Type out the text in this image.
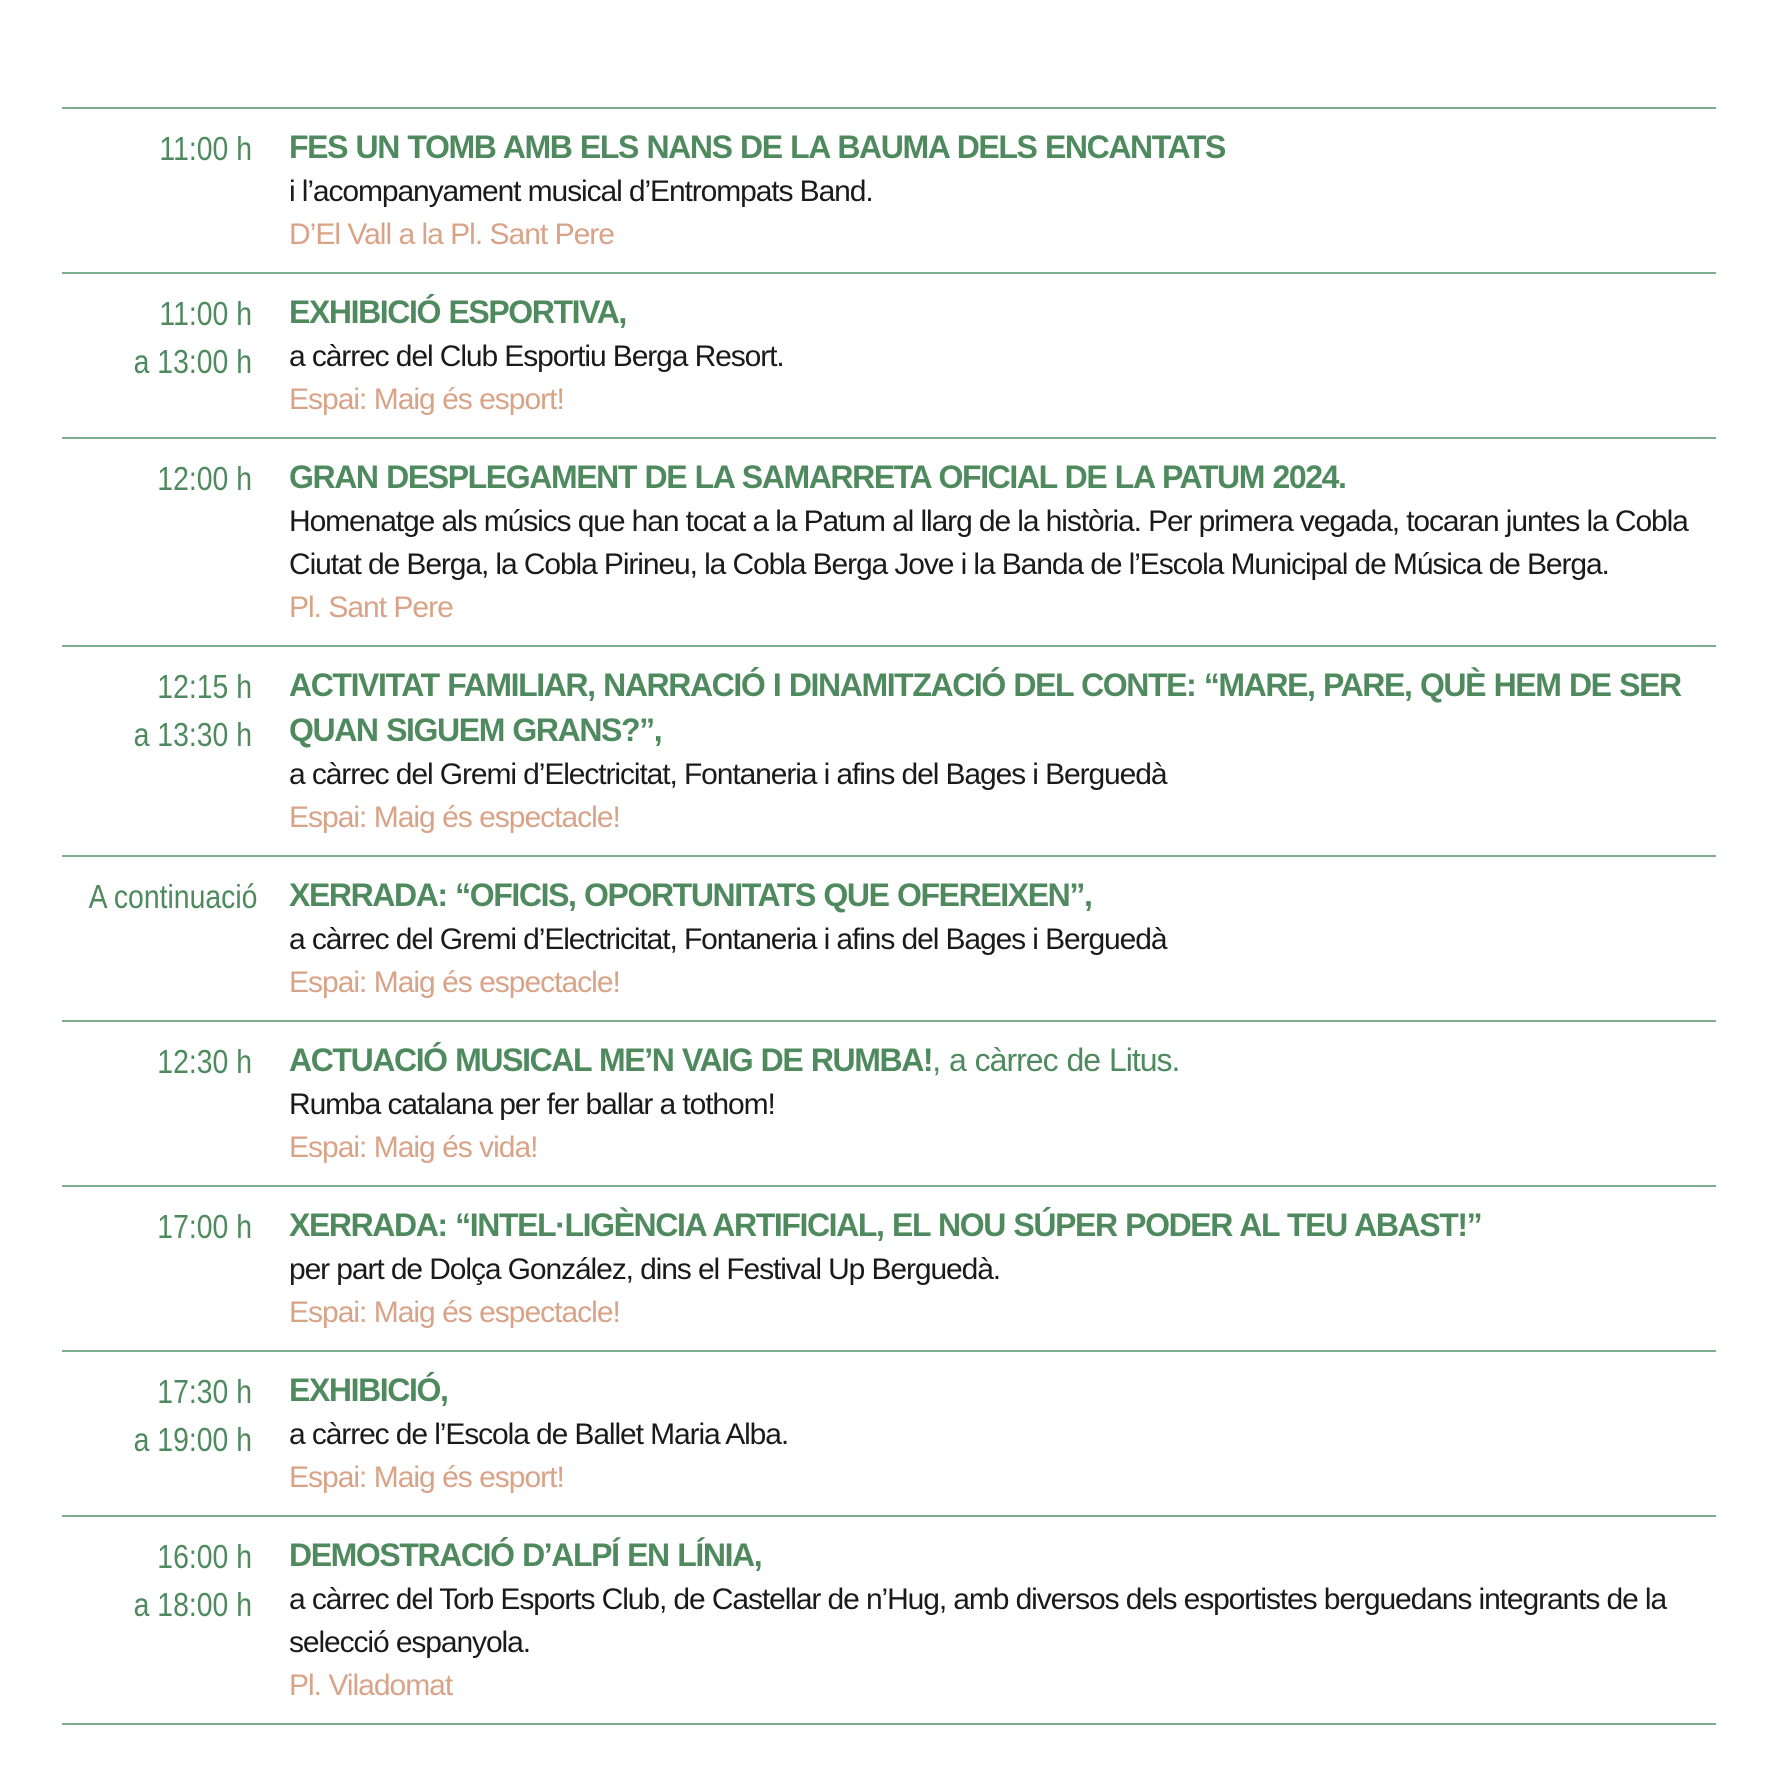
11:00 h FES UN TOMB AMB ELS NANS DE LA BAUMA DELS ENCANTATS
i l’acompanyament musical d’Entrompats Band.
D’El Vall a la Pl. Sant Pere
11:00 h
a 13:00 h
EXHIBICIÓ ESPORTIVA,
a càrrec del Club Esportiu Berga Resort.
Espai: Maig és esport!
12:00 h GRAN DESPLEGAMENT DE LA SAMARRETA OFICIAL DE LA PATUM 2024.
Homenatge als músics que han tocat a la Patum al llarg de la història. Per primera vegada, tocaran juntes la Cobla Ciutat de Berga, la Cobla Pirineu, la Cobla Berga Jove i la Banda de l’Escola Municipal de Música de Berga.
Pl. Sant Pere
12:15 h
a 13:30 h
ACTIVITAT FAMILIAR, NARRACIÓ I DINAMITZACIÓ DEL CONTE: “MARE, PARE, QUÈ HEM DE SER QUAN SIGUEM GRANS?”,
a càrrec del Gremi d’Electricitat, Fontaneria i afins del Bages i Berguedà
Espai: Maig és espectacle!
A continuació XERRADA: “OFICIS, OPORTUNITATS QUE OFEREIXEN”,
a càrrec del Gremi d’Electricitat, Fontaneria i afins del Bages i Berguedà
Espai: Maig és espectacle!
12:30 h ACTUACIÓ MUSICAL ME’N VAIG DE RUMBA!, a càrrec de Litus.
Rumba catalana per fer ballar a tothom!
Espai: Maig és vida!
17:00 h XERRADA: “INTEL·LIGÈNCIA ARTIFICIAL, EL NOU SÚPER PODER AL TEU ABAST!”
per part de Dolça González, dins el Festival Up Berguedà.
Espai: Maig és espectacle!
17:30 h
a 19:00 h
EXHIBICIÓ,
a càrrec de l’Escola de Ballet Maria Alba.
Espai: Maig és esport!
16:00 h
a 18:00 h
DEMOSTRACIÓ D’ALPÍ EN LÍNIA,
a càrrec del Torb Esports Club, de Castellar de n’Hug, amb diversos dels esportistes berguedans integrants de la selecció espanyola.
Pl. Viladomat
